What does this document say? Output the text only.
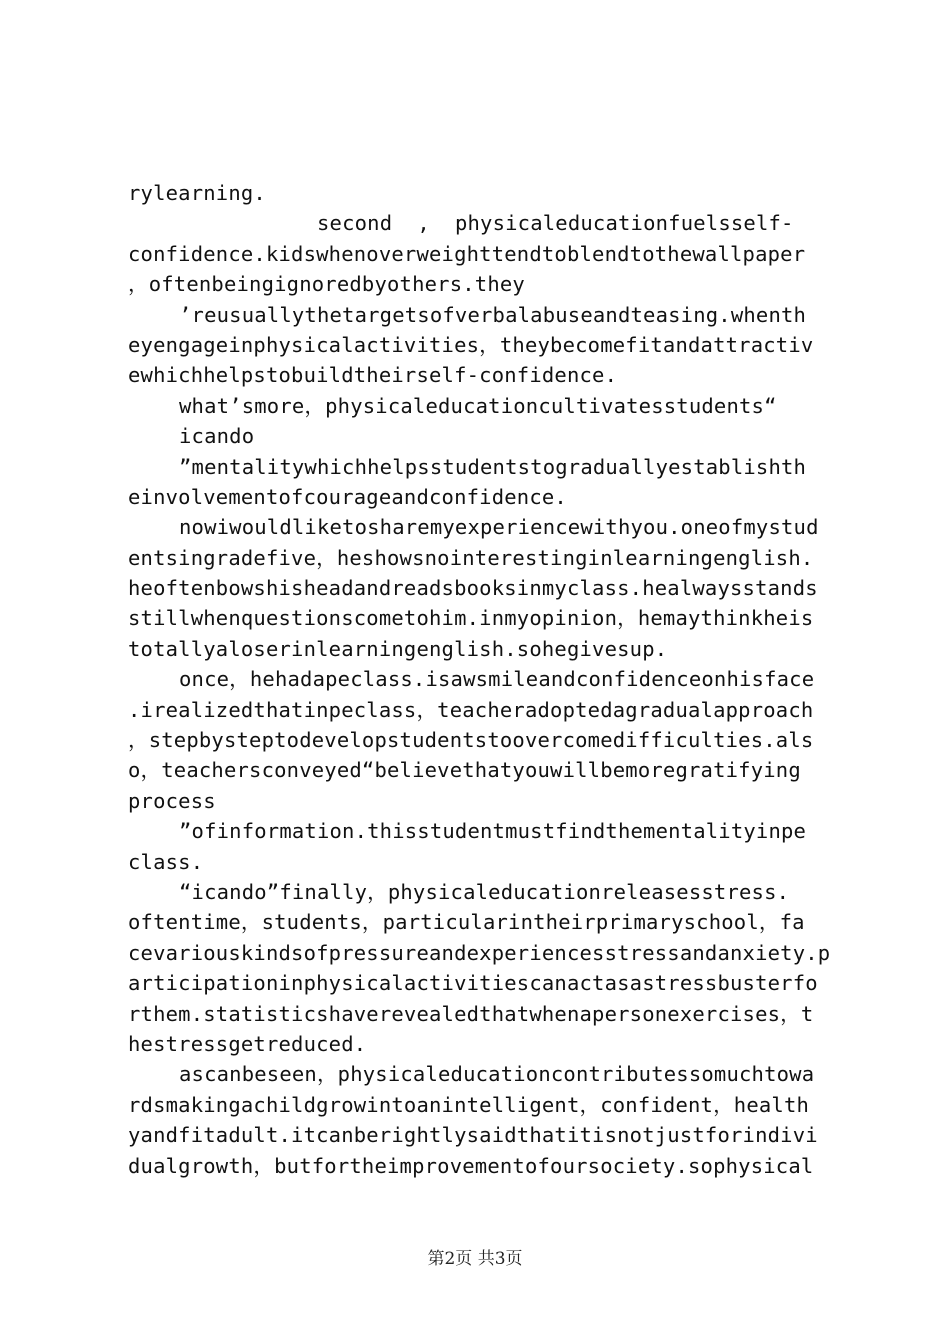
rylearning.
second  ,  physicaleducationfuelsself-
confidence.kidswhenoverweighttendtoblendtothewallpaper
，oftenbeingignoredbyothers.they
’reusuallythetargetsofverbalabuseandteasing.whenth
eyengageinphysicalactivities，theybecomefitandattractiv
ewhichhelpstobuildtheirself-confidence.
what’smore，physicaleducationcultivatesstudents“
icando
”mentalitywhichhelpsstudentstograduallyestablishth
einvolvementofcourageandconfidence.
nowiwouldliketosharemyexperiencewithyou.oneofmystud
entsingradefive，heshowsnointerestinginlearningenglish.
heoftenbowshisheadandreadsbooksinmyclass.healwaysstands
stillwhenquestionscometohim.inmyopinion，hemaythinkheis
totallyaloserinlearningenglish.sohegivesup.
once，hehadapeclass.isawsmileandconfidenceonhisface
.irealizedthatinpeclass，teacheradoptedagradualapproach
，stepbysteptodevelopstudentstoovercomedifficulties.als
o，teachersconveyed“believethatyouwillbemoregratifying
process
”ofinformation.thisstudentmustfindthementalityinpe
class.
“icando”finally，physicaleducationreleasesstress.
oftentime，students，particularintheirprimaryschool，fa
cevariouskindsofpressureandexperiencesstressandanxiety.p
articipationinphysicalactivitiescanactasastressbusterfo
rthem.statisticshaverevealedthatwhenapersonexercises，t
hestressgetreduced.
ascanbeseen，physicaleducationcontributessomuchtowa
rdsmakingachildgrowintoanintelligent，confident，health
yandfitadult.itcanberightlysaidthatitisnotjustforindivi
dualgrowth，butfortheimprovementofoursociety.sophysical
第2页 共3页
